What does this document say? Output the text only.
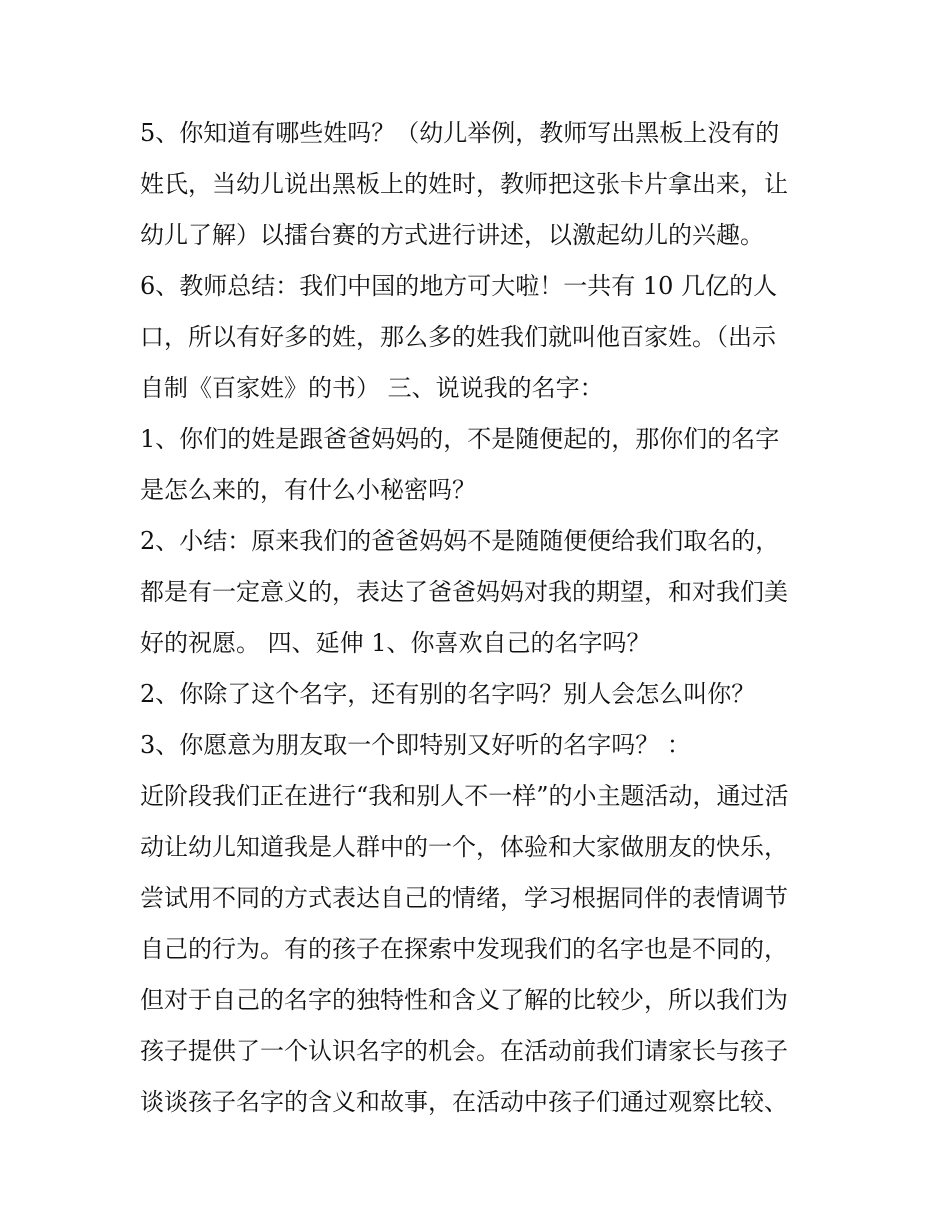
5、你知道有哪些姓吗？（幼儿举例，教师写出黑板上没有的
姓氏，当幼儿说出黑板上的姓时，教师把这张卡片拿出来，让
幼儿了解）以擂台赛的方式进行讲述，以激起幼儿的兴趣。
6、教师总结：我们中国的地方可大啦！一共有 10 几亿的人
口，所以有好多的姓，那么多的姓我们就叫他百家姓。（出示
自制《百家姓》的书） 三、说说我的名字：
1、你们的姓是跟爸爸妈妈的，不是随便起的，那你们的名字
是怎么来的，有什么小秘密吗？
2、小结：原来我们的爸爸妈妈不是随随便便给我们取名的，
都是有一定意义的，表达了爸爸妈妈对我的期望，和对我们美
好的祝愿。 四、延伸 1、你喜欢自己的名字吗？
2、你除了这个名字，还有别的名字吗？别人会怎么叫你？
3、你愿意为朋友取一个即特别又好听的名字吗？ ：
近阶段我们正在进行“我和别人不一样”的小主题活动，通过活
动让幼儿知道我是人群中的一个，体验和大家做朋友的快乐，
尝试用不同的方式表达自己的情绪，学习根据同伴的表情调节
自己的行为。有的孩子在探索中发现我们的名字也是不同的，
但对于自己的名字的独特性和含义了解的比较少，所以我们为
孩子提供了一个认识名字的机会。在活动前我们请家长与孩子
谈谈孩子名字的含义和故事，在活动中孩子们通过观察比较、
